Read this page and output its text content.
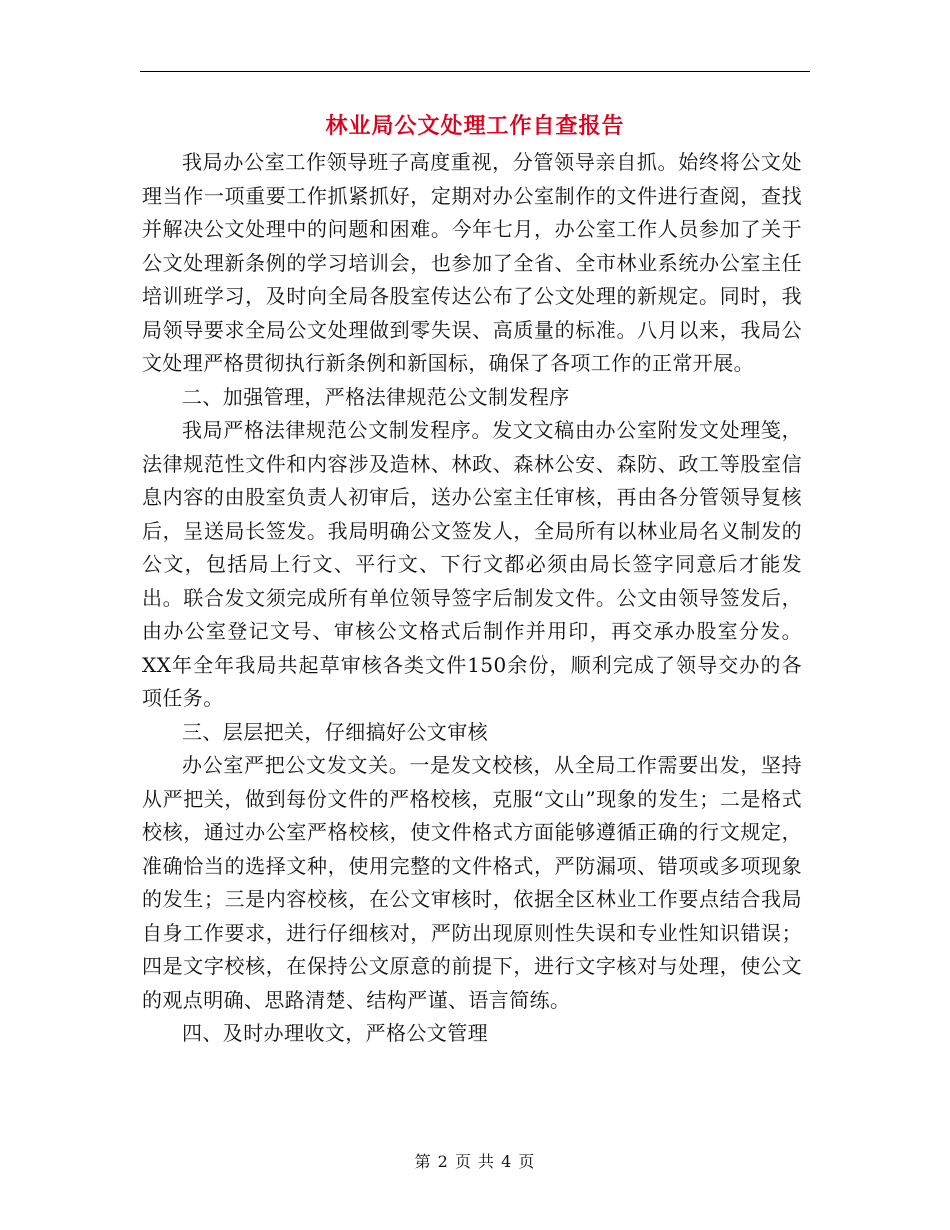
林业局公文处理工作自查报告

我局办公室工作领导班子高度重视，分管领导亲自抓。始终将公文处理当作一项重要工作抓紧抓好，定期对办公室制作的文件进行查阅，查找并解决公文处理中的问题和困难。今年七月，办公室工作人员参加了关于公文处理新条例的学习培训会，也参加了全省、全市林业系统办公室主任培训班学习，及时向全局各股室传达公布了公文处理的新规定。同时，我局领导要求全局公文处理做到零失误、高质量的标准。八月以来，我局公文处理严格贯彻执行新条例和新国标，确保了各项工作的正常开展。

二、加强管理，严格法律规范公文制发程序

我局严格法律规范公文制发程序。发文文稿由办公室附发文处理笺，法律规范性文件和内容涉及造林、林政、森林公安、森防、政工等股室信息内容的由股室负责人初审后，送办公室主任审核，再由各分管领导复核后，呈送局长签发。我局明确公文签发人，全局所有以林业局名义制发的公文，包括局上行文、平行文、下行文都必须由局长签字同意后才能发出。联合发文须完成所有单位领导签字后制发文件。公文由领导签发后，由办公室登记文号、审核公文格式后制作并用印，再交承办股室分发。XX年全年我局共起草审核各类文件150余份，顺利完成了领导交办的各项任务。

三、层层把关，仔细搞好公文审核

办公室严把公文发文关。一是发文校核，从全局工作需要出发，坚持从严把关，做到每份文件的严格校核，克服“文山”现象的发生；二是格式校核，通过办公室严格校核，使文件格式方面能够遵循正确的行文规定，准确恰当的选择文种，使用完整的文件格式，严防漏项、错项或多项现象的发生；三是内容校核，在公文审核时，依据全区林业工作要点结合我局自身工作要求，进行仔细核对，严防出现原则性失误和专业性知识错误；四是文字校核，在保持公文原意的前提下，进行文字核对与处理，使公文的观点明确、思路清楚、结构严谨、语言简练。

四、及时办理收文，严格公文管理

第 2 页 共 4 页
